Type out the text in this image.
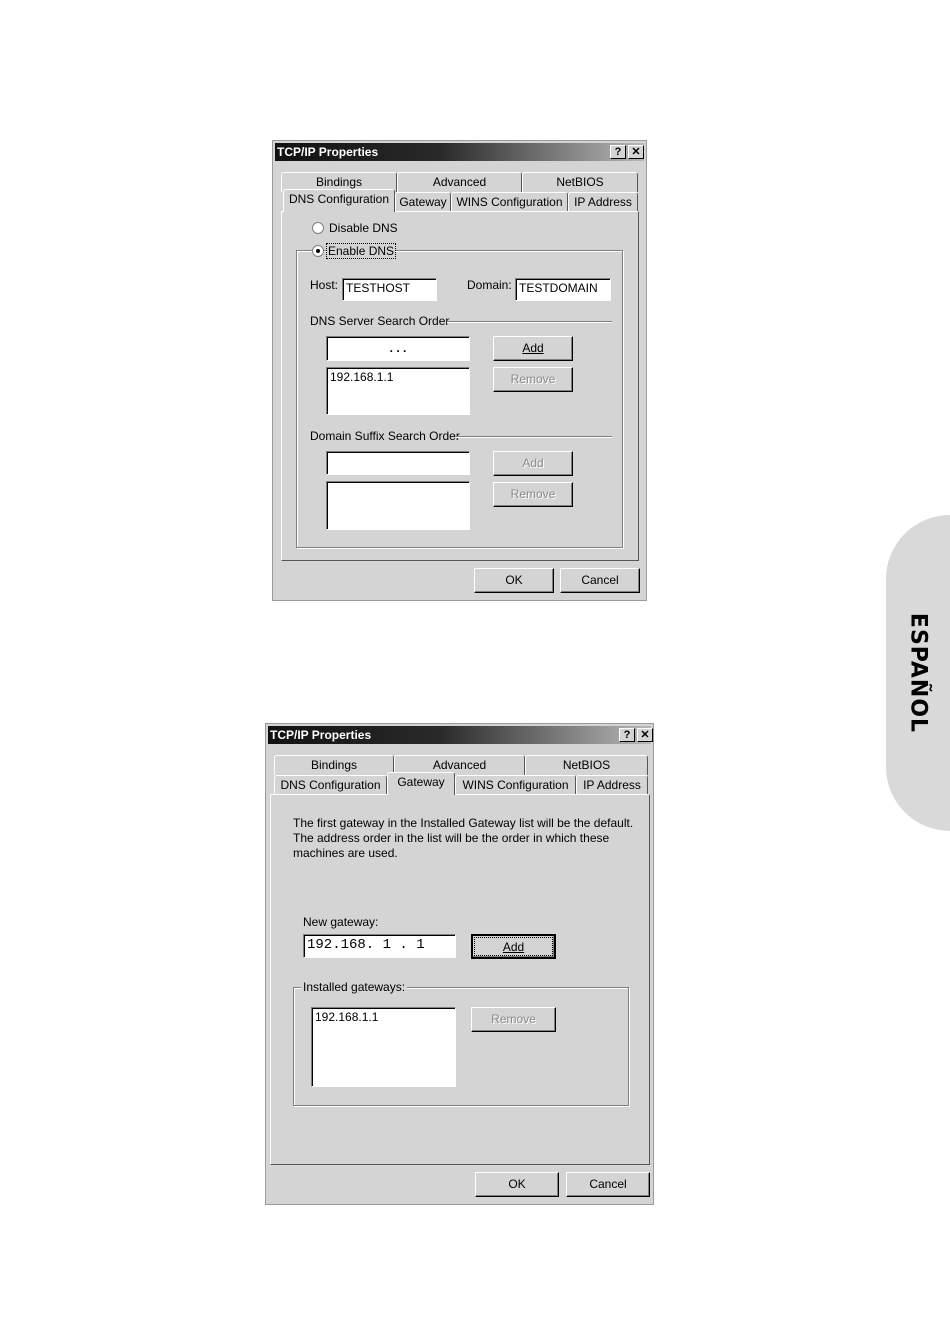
ESPAÑOL
TCP/IP Properties	? ✕
Bindings	Advanced	NetBIOS
DNS Configuration Gateway WINS Configuration IP Address
Disable DNS
Enable DNS
Host: TESTHOST	Domain: TESTDOMAIN
DNS Server Search Order
. . .	Add
192.168.1.1	Remove
Domain Suffix Search Order
Add
Remove
OK	Cancel
TCP/IP Properties	? ✕
Bindings	Advanced	NetBIOS
DNS Configuration	Gateway	WINS Configuration	IP Address
The first gateway in the Installed Gateway list will be the default.
The address order in the list will be the order in which these
machines are used.
New gateway:
192.168. 1 . 1	Add
Installed gateways:
192.168.1.1	Remove
OK	Cancel
